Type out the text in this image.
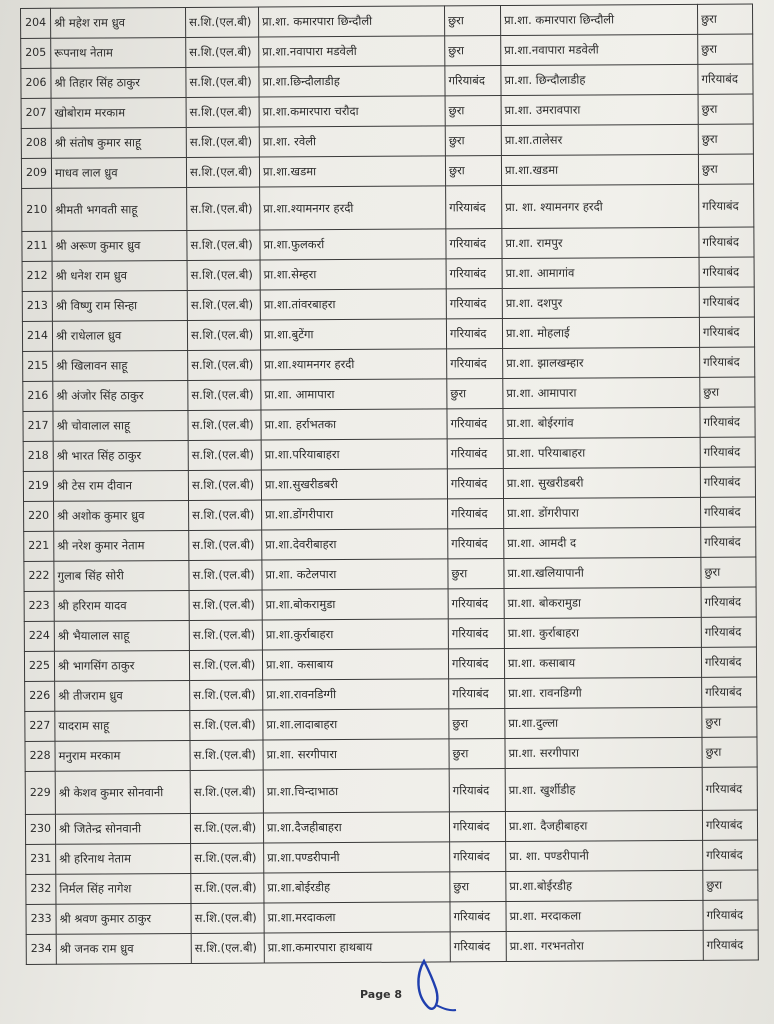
204	श्री महेश राम ध्रुव	स.शि.(एल.बी)	प्रा.शा. कमारपारा छिन्दौली	छुरा	प्रा.शा. कमारपारा छिन्दौली	छुरा
205	रूपनाथ नेताम	स.शि.(एल.बी)	प्रा.शा.नवापारा मडवेली	छुरा	प्रा.शा.नवापारा मडवेली	छुरा
206	श्री तिहार सिंह ठाकुर	स.शि.(एल.बी)	प्रा.शा.छिन्दौलाडीह	गरियाबंद	प्रा.शा. छिन्दौलाडीह	गरियाबंद
207	खोबोराम मरकाम	स.शि.(एल.बी)	प्रा.शा.कमारपारा चरौदा	छुरा	प्रा.शा. उमरावपारा	छुरा
208	श्री संतोष कुमार साहू	स.शि.(एल.बी)	प्रा.शा. रवेली	छुरा	प्रा.शा.तालेसर	छुरा
209	माधव लाल ध्रुव	स.शि.(एल.बी)	प्रा.शा.खडमा	छुरा	प्रा.शा.खडमा	छुरा
210	श्रीमती भगवती साहू	स.शि.(एल.बी)	प्रा.शा.श्यामनगर हरदी	गरियाबंद	प्रा. शा. श्यामनगर हरदी	गरियाबंद
211	श्री अरूण कुमार ध्रुव	स.शि.(एल.बी)	प्रा.शा.फुलकर्रा	गरियाबंद	प्रा.शा. रामपुर	गरियाबंद
212	श्री धनेश राम ध्रुव	स.शि.(एल.बी)	प्रा.शा.सेम्हरा	गरियाबंद	प्रा.शा. आमागांव	गरियाबंद
213	श्री विष्णु राम सिन्हा	स.शि.(एल.बी)	प्रा.शा.तांवरबाहरा	गरियाबंद	प्रा.शा. दशपुर	गरियाबंद
214	श्री राधेलाल ध्रुव	स.शि.(एल.बी)	प्रा.शा.बुटेंगा	गरियाबंद	प्रा.शा. मोहलाई	गरियाबंद
215	श्री खिलावन साहू	स.शि.(एल.बी)	प्रा.शा.श्यामनगर हरदी	गरियाबंद	प्रा.शा. झालखम्हार	गरियाबंद
216	श्री अंजोर सिंह ठाकुर	स.शि.(एल.बी)	प्रा.शा. आमापारा	छुरा	प्रा.शा. आमापारा	छुरा
217	श्री चोवालाल साहू	स.शि.(एल.बी)	प्रा.शा. हर्राभतका	गरियाबंद	प्रा.शा. बोईरगांव	गरियाबंद
218	श्री भारत सिंह ठाकुर	स.शि.(एल.बी)	प्रा.शा.परियाबाहरा	गरियाबंद	प्रा.शा. परियाबाहरा	गरियाबंद
219	श्री टेस राम दीवान	स.शि.(एल.बी)	प्रा.शा.सुखरीडबरी	गरियाबंद	प्रा.शा. सुखरीडबरी	गरियाबंद
220	श्री अशोक कुमार ध्रुव	स.शि.(एल.बी)	प्रा.शा.डोंगरीपारा	गरियाबंद	प्रा.शा. डोंगरीपारा	गरियाबंद
221	श्री नरेश कुमार नेताम	स.शि.(एल.बी)	प्रा.शा.देवरीबाहरा	गरियाबंद	प्रा.शा. आमदी द	गरियाबंद
222	गुलाब सिंह सोरी	स.शि.(एल.बी)	प्रा.शा. कटेलपारा	छुरा	प्रा.शा.खलियापानी	छुरा
223	श्री हरिराम यादव	स.शि.(एल.बी)	प्रा.शा.बोकरामुडा	गरियाबंद	प्रा.शा. बोकरामुडा	गरियाबंद
224	श्री भैयालाल साहू	स.शि.(एल.बी)	प्रा.शा.कुर्राबाहरा	गरियाबंद	प्रा.शा. कुर्राबाहरा	गरियाबंद
225	श्री भागसिंग ठाकुर	स.शि.(एल.बी)	प्रा.शा. कसाबाय	गरियाबंद	प्रा.शा. कसाबाय	गरियाबंद
226	श्री तीजराम ध्रुव	स.शि.(एल.बी)	प्रा.शा.रावनडिग्गी	गरियाबंद	प्रा.शा. रावनडिग्गी	गरियाबंद
227	यादराम साहू	स.शि.(एल.बी)	प्रा.शा.लादाबाहरा	छुरा	प्रा.शा.दुल्ला	छुरा
228	मनुराम मरकाम	स.शि.(एल.बी)	प्रा.शा. सरगीपारा	छुरा	प्रा.शा. सरगीपारा	छुरा
229	श्री केशव कुमार सोनवानी	स.शि.(एल.बी)	प्रा.शा.चिन्दाभाठा	गरियाबंद	प्रा.शा. खुर्शीडीह	गरियाबंद
230	श्री जितेन्द्र सोनवानी	स.शि.(एल.बी)	प्रा.शा.दैजहीबाहरा	गरियाबंद	प्रा.शा. दैजहीबाहरा	गरियाबंद
231	श्री हरिनाथ नेताम	स.शि.(एल.बी)	प्रा.शा.पण्डरीपानी	गरियाबंद	प्रा. शा. पण्डरीपानी	गरियाबंद
232	निर्मल सिंह नागेश	स.शि.(एल.बी)	प्रा.शा.बोईरडीह	छुरा	प्रा.शा.बोईरडीह	छुरा
233	श्री श्रवण कुमार ठाकुर	स.शि.(एल.बी)	प्रा.शा.मरदाकला	गरियाबंद	प्रा.शा. मरदाकला	गरियाबंद
234	श्री जनक राम ध्रुव	स.शि.(एल.बी)	प्रा.शा.कमारपारा हाथबाय	गरियाबंद	प्रा.शा. गरभनतोरा	गरियाबंद
Page 8
